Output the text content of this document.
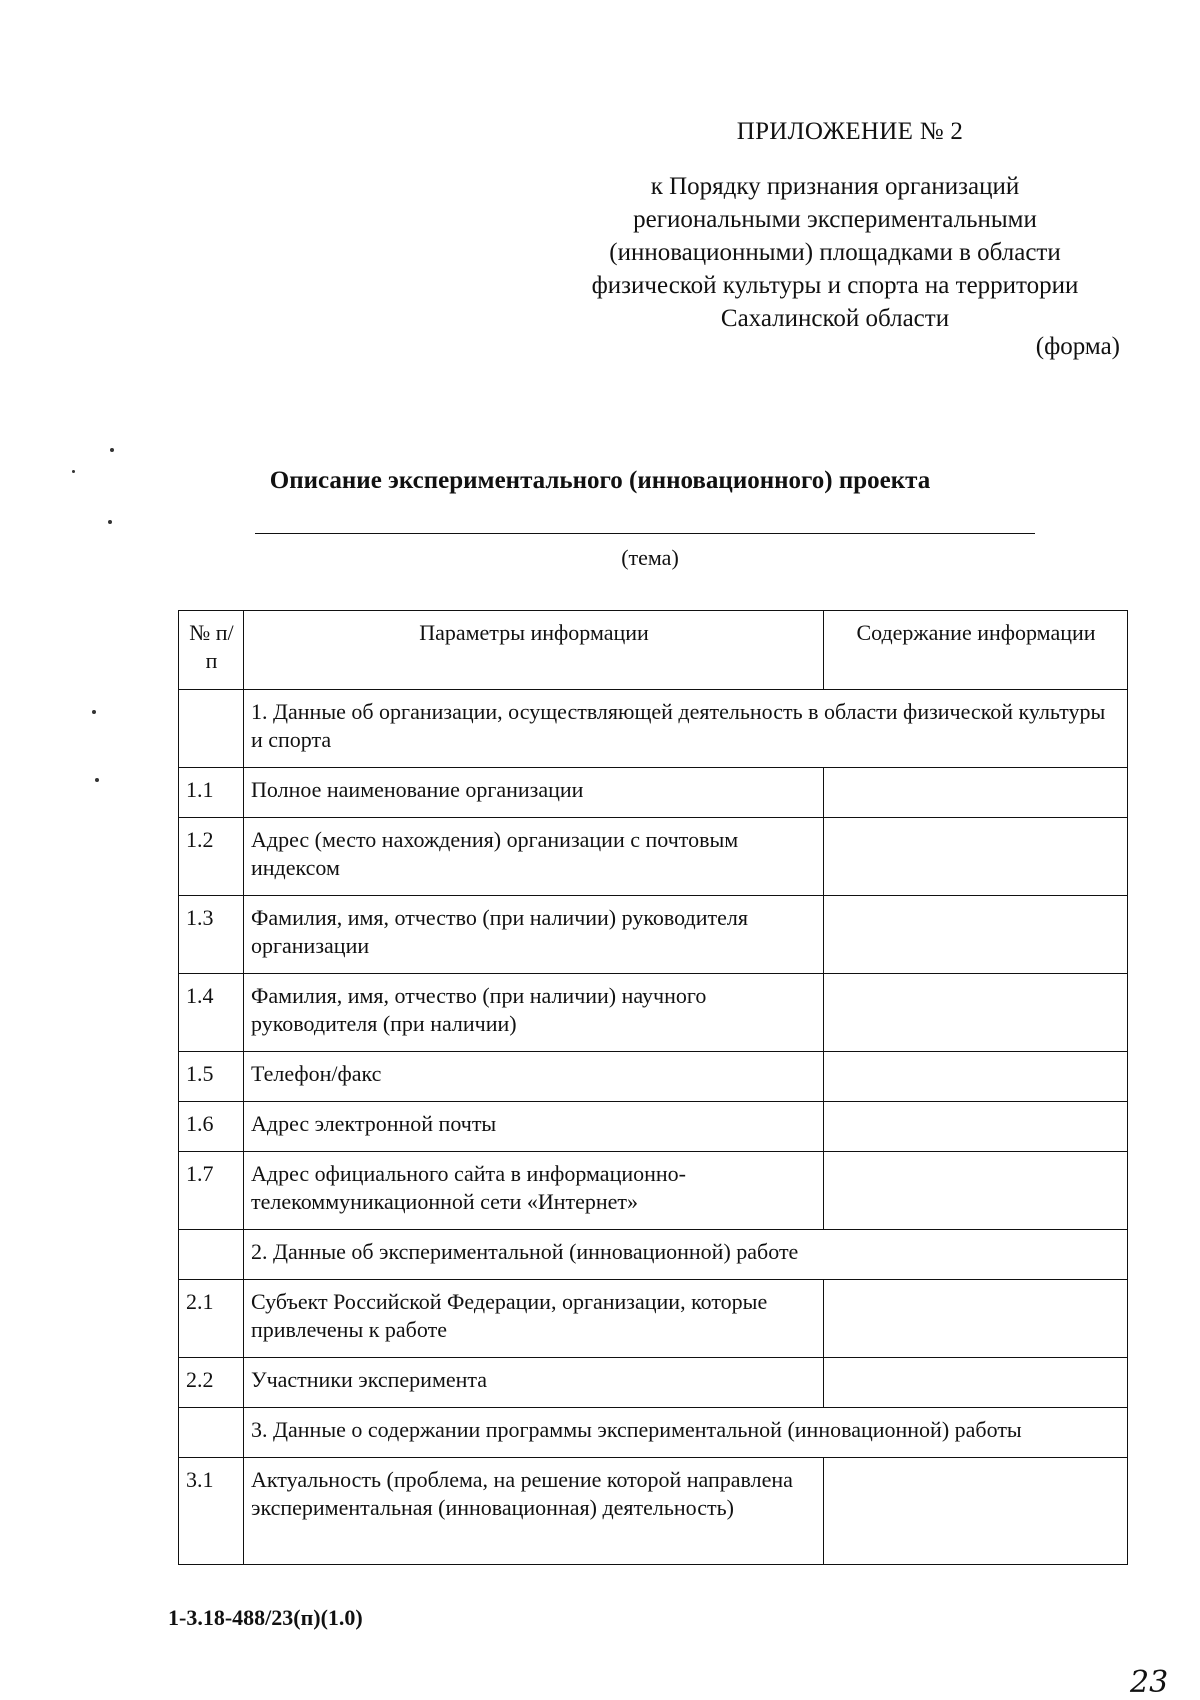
ПРИЛОЖЕНИЕ № 2
к Порядку признания организаций
региональными экспериментальными
(инновационными) площадками в области
физической культуры и спорта на территории
Сахалинской области
(форма)
Описание экспериментального (инновационного) проекта
(тема)
№ п/п	Параметры информации	Содержание информации
	1. Данные об организации, осуществляющей деятельность в области физической культуры и спорта	
1.1	Полное наименование организации	
1.2	Адрес (место нахождения) организации с почтовым индексом	
1.3	Фамилия, имя, отчество (при наличии) руководителя организации	
1.4	Фамилия, имя, отчество (при наличии) научного руководителя (при наличии)	
1.5	Телефон/факс	
1.6	Адрес электронной почты	
1.7	Адрес официального сайта в информационно-телекоммуникационной сети «Интернет»	
	2. Данные об экспериментальной (инновационной) работе	
2.1	Субъект Российской Федерации, организации, которые привлечены к работе	
2.2	Участники эксперимента	
	3. Данные о содержании программы экспериментальной (инновационной) работы	
3.1	Актуальность (проблема, на решение которой направлена экспериментальная (инновационная) деятельность)	
1-3.18-488/23(п)(1.0)
23
